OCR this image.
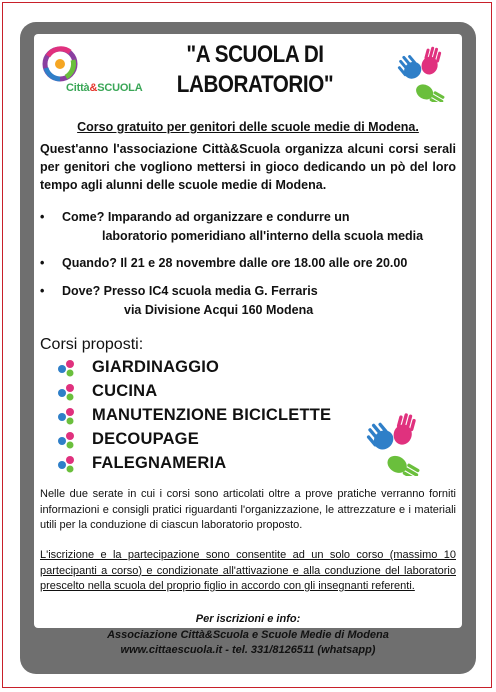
Città&SCUOLA
"A SCUOLA DI LABORATORIO"
Corso gratuito per genitori delle scuole medie di Modena.
Quest'anno l'associazione Città&Scuola organizza alcuni corsi serali per genitori che vogliono mettersi in gioco dedicando un pò del loro tempo agli alunni delle scuole medie di Modena.
• Come? Imparando ad organizzare e condurre un
laboratorio pomeridiano all'interno della scuola media
• Quando? Il 21 e 28 novembre dalle ore 18.00 alle ore 20.00
• Dove? Presso IC4 scuola media G. Ferraris
via Divisione Acqui 160 Modena
Corsi proposti:
GIARDINAGGIO
CUCINA
MANUTENZIONE BICICLETTE
DECOUPAGE
FALEGNAMERIA
Nelle due serate in cui i corsi sono articolati oltre a prove pratiche verranno forniti informazioni e consigli pratici riguardanti l'organizzazione, le attrezzature e i materiali utili per la conduzione di ciascun laboratorio proposto.
L'iscrizione e la partecipazione sono consentite ad un solo corso (massimo 10 partecipanti a corso) e condizionate all'attivazione e alla conduzione del laboratorio prescelto nella scuola del proprio figlio in accordo con gli insegnanti referenti.
Per iscrizioni e info:
Associazione Città&Scuola e Scuole Medie di Modena
www.cittaescuola.it - tel. 331/8126511 (whatsapp)
